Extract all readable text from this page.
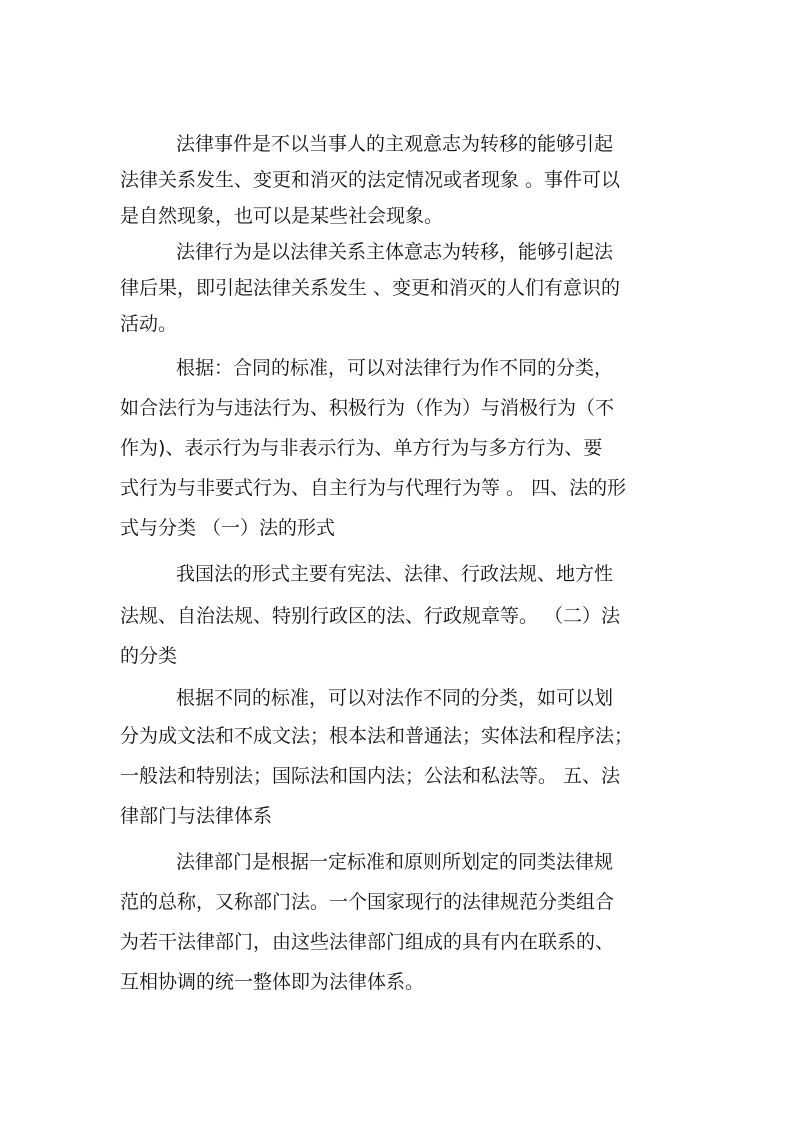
法律事件是不以当事人的主观意志为转移的能够引起
法律关系发生、变更和消灭的法定情况或者现象 。事件可以
是自然现象，也可以是某些社会现象。
法律行为是以法律关系主体意志为转移，能够引起法
律后果，即引起法律关系发生 、变更和消灭的人们有意识的
活动。
根据：合同的标准，可以对法律行为作不同的分类，
如合法行为与违法行为、积极行为（作为）与消极行为（不
作为)、表示行为与非表示行为、单方行为与多方行为、要
式行为与非要式行为、自主行为与代理行为等 。 四、法的形
式与分类 （一）法的形式
我国法的形式主要有宪法、法律、行政法规、地方性
法规、自治法规、特别行政区的法、行政规章等。 （二）法
的分类
根据不同的标准，可以对法作不同的分类，如可以划
分为成文法和不成文法；根本法和普通法；实体法和程序法；
一般法和特别法；国际法和国内法；公法和私法等。 五、法
律部门与法律体系
法律部门是根据一定标准和原则所划定的同类法律规
范的总称，又称部门法。一个国家现行的法律规范分类组合
为若干法律部门，由这些法律部门组成的具有内在联系的、
互相协调的统一整体即为法律体系。
